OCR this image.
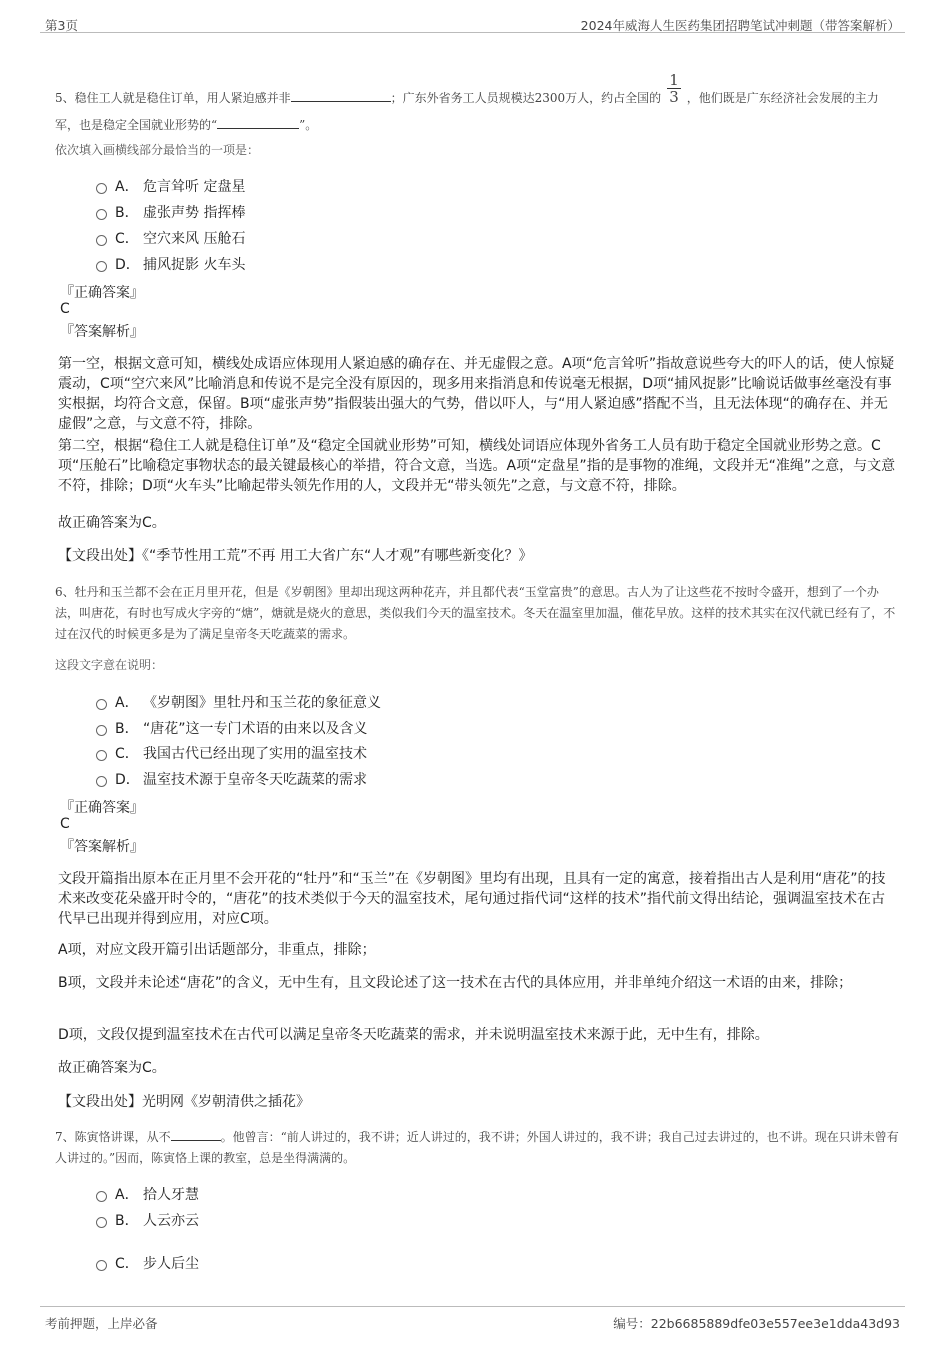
第3页	2024年威海人生医药集团招聘笔试冲刺题（带答案解析）
5、稳住工人就是稳住订单，用人紧迫感并非	；广东外省务工人员规模达2300万人，约占全国的 $\frac{1}{3}$ ，他们既是广东经济社会发展的主力军，也是稳定全国就业形势的“	”。
依次填入画横线部分最恰当的一项是：
A． 危言耸听 定盘星
B． 虚张声势 指挥棒
C． 空穴来风 压舱石
D． 捕风捉影 火车头
『正确答案』
C
『答案解析』
第一空，根据文意可知，横线处成语应体现用人紧迫感的确存在、并无虚假之意。A项“危言耸听”指故意说些夸大的吓人的话，使人惊疑震动，C项“空穴来风”比喻消息和传说不是完全没有原因的，现多用来指消息和传说毫无根据，D项“捕风捉影”比喻说话做事丝毫没有事实根据，均符合文意，保留。B项“虚张声势”指假装出强大的气势，借以吓人，与“用人紧迫感”搭配不当，且无法体现“的确存在、并无虚假”之意，与文意不符，排除。
第二空，根据“稳住工人就是稳住订单”及“稳定全国就业形势”可知，横线处词语应体现外省务工人员有助于稳定全国就业形势之意。C项“压舱石”比喻稳定事物状态的最关键最核心的举措，符合文意，当选。A项“定盘星”指的是事物的准绳，文段并无“准绳”之意，与文意不符，排除；D项“火车头”比喻起带头领先作用的人，文段并无“带头领先”之意，与文意不符，排除。
故正确答案为C。
【文段出处】《“季节性用工荒”不再 用工大省广东“人才观”有哪些新变化？》
6、牡丹和玉兰都不会在正月里开花，但是《岁朝图》里却出现这两种花卉，并且都代表“玉堂富贵”的意思。古人为了让这些花不按时令盛开，想到了一个办法，叫唐花，有时也写成火字旁的“煻”，煻就是烧火的意思，类似我们今天的温室技术。冬天在温室里加温，催花早放。这样的技术其实在汉代就已经有了，不过在汉代的时候更多是为了满足皇帝冬天吃蔬菜的需求。
这段文字意在说明：
A． 《岁朝图》里牡丹和玉兰花的象征意义
B． “唐花”这一专门术语的由来以及含义
C． 我国古代已经出现了实用的温室技术
D． 温室技术源于皇帝冬天吃蔬菜的需求
『正确答案』
C
『答案解析』
文段开篇指出原本在正月里不会开花的“牡丹”和“玉兰”在《岁朝图》里均有出现，且具有一定的寓意，接着指出古人是利用“唐花”的技术来改变花朵盛开时令的，“唐花”的技术类似于今天的温室技术，尾句通过指代词“这样的技术”指代前文得出结论，强调温室技术在古代早已出现并得到应用，对应C项。
A项，对应文段开篇引出话题部分，非重点，排除；
B项，文段并未论述“唐花”的含义，无中生有，且文段论述了这一技术在古代的具体应用，并非单纯介绍这一术语的由来，排除；
D项，文段仅提到温室技术在古代可以满足皇帝冬天吃蔬菜的需求，并未说明温室技术来源于此，无中生有，排除。
故正确答案为C。
【文段出处】光明网《岁朝清供之插花》
7、陈寅恪讲课，从不	。他曾言：“前人讲过的，我不讲；近人讲过的，我不讲；外国人讲过的，我不讲；我自己过去讲过的，也不讲。现在只讲未曾有人讲过的。”因而，陈寅恪上课的教室，总是坐得满满的。
A． 拾人牙慧
B． 人云亦云
C． 步人后尘
考前押题，上岸必备	编号：22b6685889dfe03e557ee3e1dda43d93
